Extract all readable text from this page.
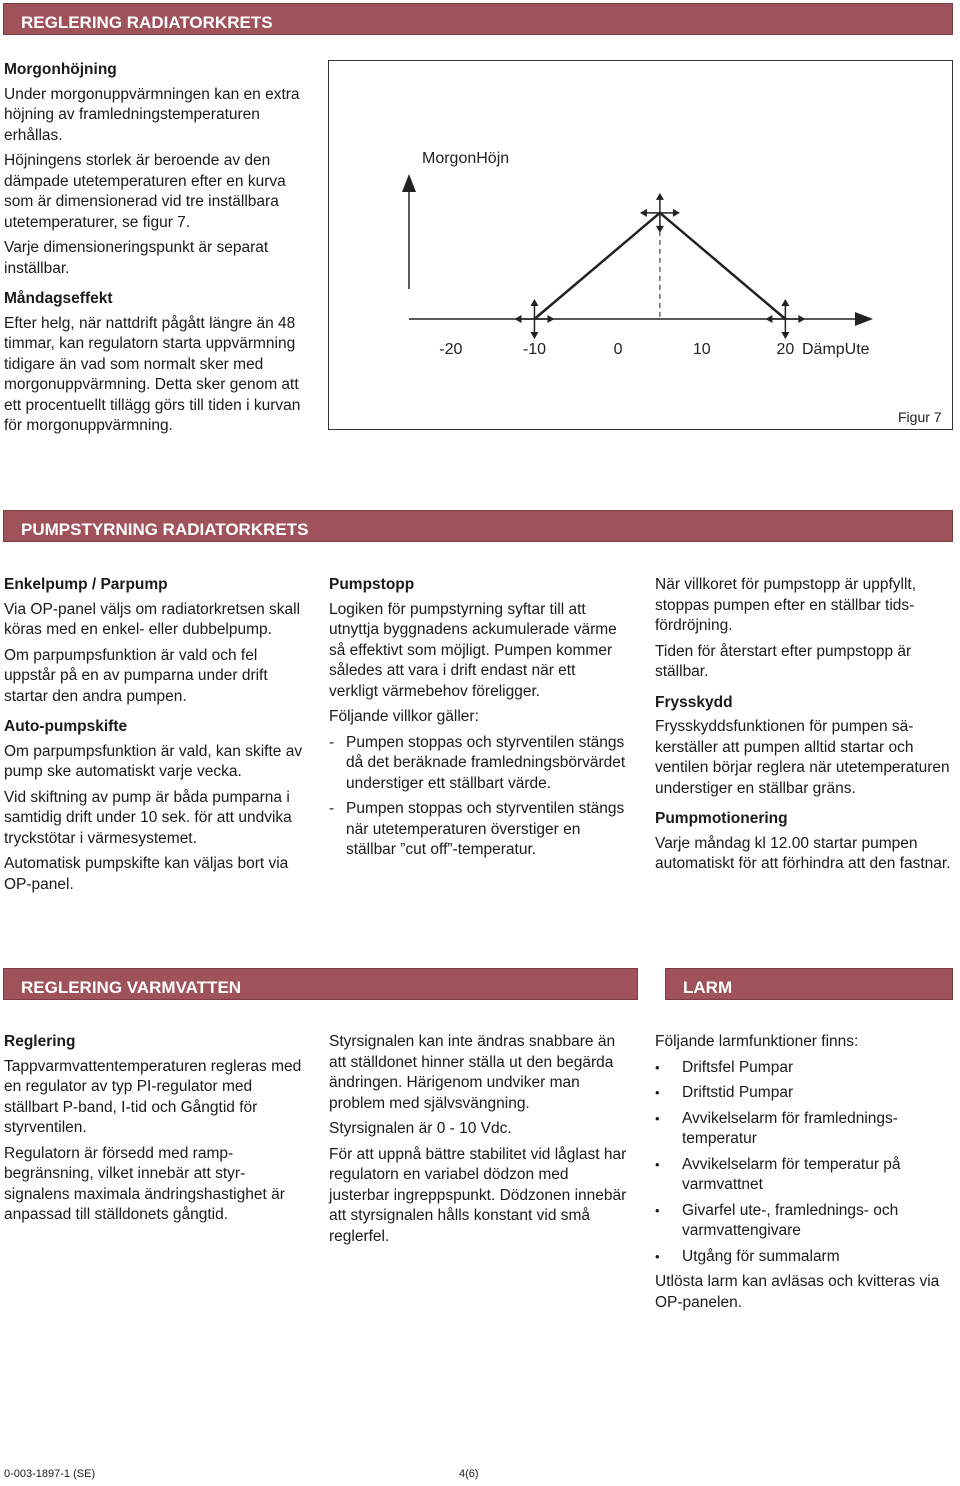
REGLERING RADIATORKRETS
PUMPSTYRNING RADIATORKRETS
REGLERING VARMVATTEN	LARM
Morgonhöjning

Under morgonuppvärmningen kan en extra höjning av framledningstemperaturen erhållas.

Höjningens storlek är beroende av den dämpade utetemperaturen efter en kurva som är dimensionerad vid tre inställbara utetemperaturer, se figur 7.

Varje dimensioneringspunkt är separat inställbar.

Måndagseffekt

Efter helg, när nattdrift pågått längre än 48 timmar, kan regulatorn starta uppvärmning tidigare än vad som normalt sker med morgonuppvärmning. Detta sker genom att ett procentuellt tillägg görs till tiden i kurvan för morgonuppvärmning.

MorgonHöjn
DämpUte
Figur 7
-20	-10	0	10	20
Enkelpump / Parpump

Via OP-panel väljs om radiatorkretsen skall köras med en enkel- eller dubbelpump.

Om parpumpsfunktion är vald och fel uppstår på en av pumparna under drift startar den andra pumpen.

Auto-pumpskifte

Om parpumpsfunktion är vald, kan skifte av pump ske automatiskt varje vecka.

Vid skiftning av pump är båda pumparna i samtidig drift under 10 sek. för att undvika tryckstötar i värmesystemet.

Automatisk pumpskifte kan väljas bort via OP-panel.

Pumpstopp

Logiken för pumpstyrning syftar till att utnyttja byggnadens ackumulerade värme så effektivt som möjligt. Pumpen kommer således att vara i drift endast när ett verkligt värmebehov föreligger.

Följande villkor gäller:

- Pumpen stoppas och styrventilen stängs då det beräknade framledningsbörvärdet understiger ett ställbart värde.
- Pumpen stoppas och styrventilen stängs när utetemperaturen överstiger en ställbar ”cut off”-temperatur.

När villkoret för pumpstopp är uppfyllt, stoppas pumpen efter en ställbar tidsfördröjning.

Tiden för återstart efter pumpstopp är ställbar.

Frysskydd

Frysskyddsfunktionen för pumpen säkerställer att pumpen alltid startar och ventilen börjar reglera när utetemperaturen understiger en ställbar gräns.

Pumpmotionering

Varje måndag kl 12.00 startar pumpen automatiskt för att förhindra att den fastnar.

Reglering

Tappvarmvattentemperaturen regleras med en regulator av typ PI-regulator med ställbart P-band, I-tid och Gångtid för styrventilen.

Regulatorn är försedd med rampbegränsning, vilket innebär att styrsignalens maximala ändringshastighet är anpassad till ställdonets gångtid.

Styrsignalen kan inte ändras snabbare än att ställdonet hinner ställa ut den begärda ändringen. Härigenom undviker man problem med självsvängning.

Styrsignalen är 0 - 10 Vdc.

För att uppnå bättre stabilitet vid låglast har regulatorn en variabel dödzon med justerbar ingreppspunkt. Dödzonen innebär att styrsignalen hålls konstant vid små reglerfel.

Följande larmfunktioner finns:

•	Driftsfel Pumpar
•	Driftstid Pumpar
•	Avvikelselarm för framledningstemperatur
•	Avvikelselarm för temperatur på varmvattnet
•	Givarfel ute-, framlednings- och varmvattengivare
•	Utgång för summalarm

Utlösta larm kan avläsas och kvitteras via OP-panelen.

0-003-1897-1 (SE)	4(6)
